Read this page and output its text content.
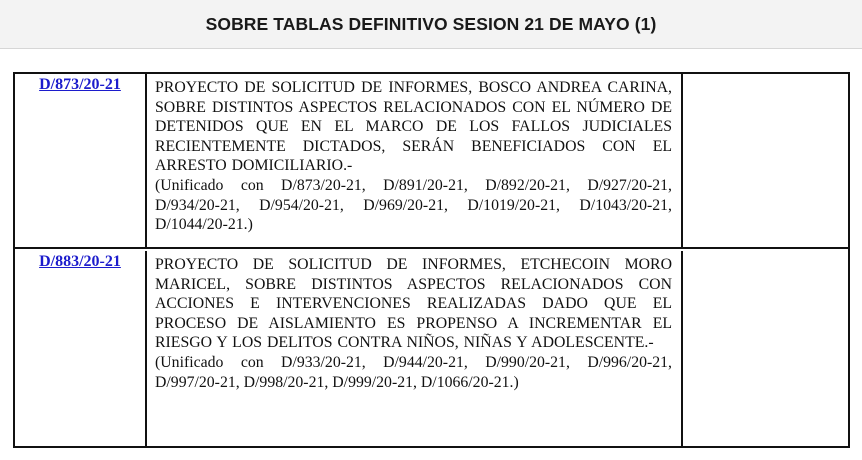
SOBRE TABLAS DEFINITIVO SESION 21 DE MAYO (1)
D/873/20-21	PROYECTO DE SOLICITUD DE INFORMES, BOSCO ANDREA CARINA, SOBRE DISTINTOS ASPECTOS RELACIONADOS CON EL NÚMERO DE DETENIDOS QUE EN EL MARCO DE LOS FALLOS JUDICIALES RECIENTEMENTE DICTADOS, SERÁN BENEFICIADOS CON EL ARRESTO DOMICILIARIO.-

(Unificado con D/873/20-21, D/891/20-21, D/892/20-21, D/927/20-21, D/934/20-21, D/954/20-21, D/969/20-21, D/1019/20-21, D/1043/20-21, D/1044/20-21.)

D/883/20-21	PROYECTO DE SOLICITUD DE INFORMES, ETCHECOIN MORO MARICEL, SOBRE DISTINTOS ASPECTOS RELACIONADOS CON ACCIONES E INTERVENCIONES REALIZADAS DADO QUE EL PROCESO DE AISLAMIENTO ES PROPENSO A INCREMENTAR EL RIESGO Y LOS DELITOS CONTRA NIÑOS, NIÑAS Y ADOLESCENTE.-

(Unificado con D/933/20-21, D/944/20-21, D/990/20-21, D/996/20-21, D/997/20-21, D/998/20-21, D/999/20-21, D/1066/20-21.)
